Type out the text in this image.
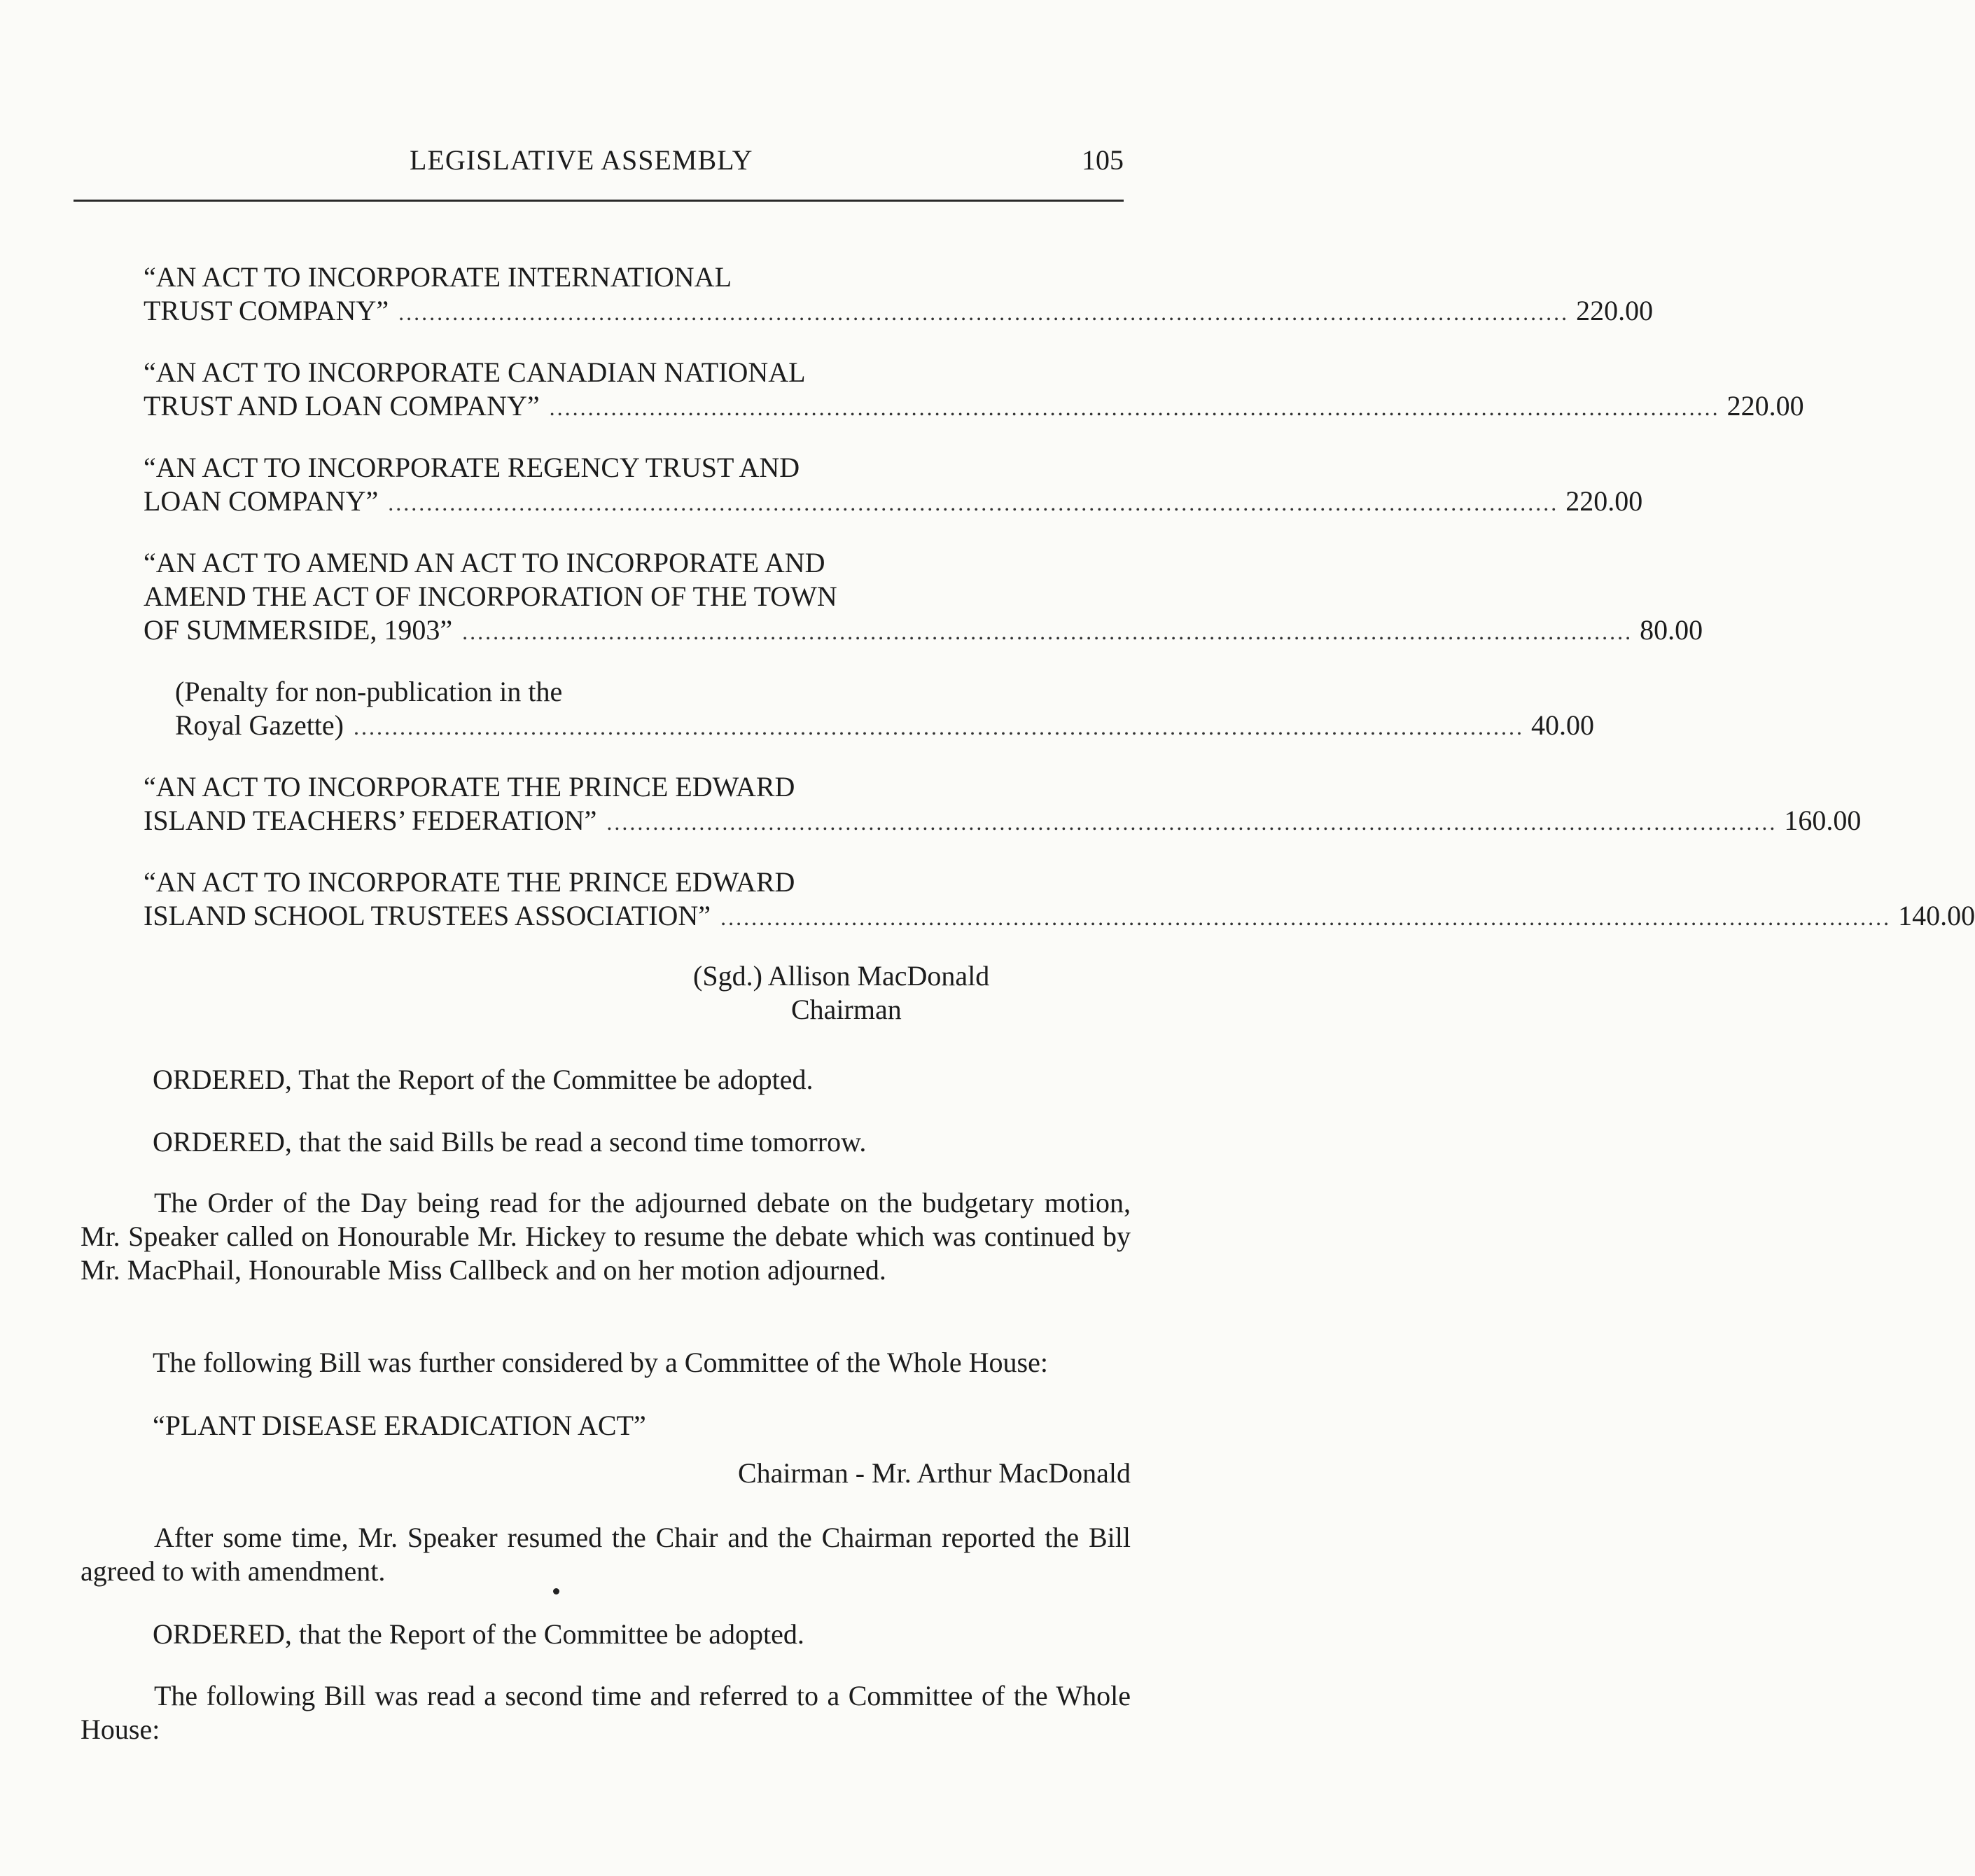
LEGISLATIVE ASSEMBLY	105
“AN ACT TO INCORPORATE INTERNATIONAL
TRUST COMPANY” ........................................................................................................................................................ 220.00
“AN ACT TO INCORPORATE CANADIAN NATIONAL
TRUST AND LOAN COMPANY” ........................................................................................................................................................ 220.00
“AN ACT TO INCORPORATE REGENCY TRUST AND
LOAN COMPANY” ........................................................................................................................................................ 220.00
“AN ACT TO AMEND AN ACT TO INCORPORATE AND
AMEND THE ACT OF INCORPORATION OF THE TOWN
OF SUMMERSIDE, 1903” ........................................................................................................................................................ 80.00
(Penalty for non-publication in the
Royal Gazette) ........................................................................................................................................................ 40.00
“AN ACT TO INCORPORATE THE PRINCE EDWARD
ISLAND TEACHERS’ FEDERATION” ........................................................................................................................................................ 160.00
“AN ACT TO INCORPORATE THE PRINCE EDWARD
ISLAND SCHOOL TRUSTEES ASSOCIATION” ........................................................................................................................................................ 140.00
(Sgd.) Allison MacDonald
Chairman
ORDERED, That the Report of the Committee be adopted.
ORDERED, that the said Bills be read a second time tomorrow.
The Order of the Day being read for the adjourned debate on the budgetary motion, Mr. Speaker called on Honourable Mr. Hickey to resume the debate which was continued by Mr. MacPhail, Honourable Miss Callbeck and on her motion adjourned.
The following Bill was further considered by a Committee of the Whole House:
“PLANT DISEASE ERADICATION ACT”
Chairman - Mr. Arthur MacDonald
After some time, Mr. Speaker resumed the Chair and the Chairman reported the Bill agreed to with amendment.
ORDERED, that the Report of the Committee be adopted.
The following Bill was read a second time and referred to a Committee of the Whole House:
